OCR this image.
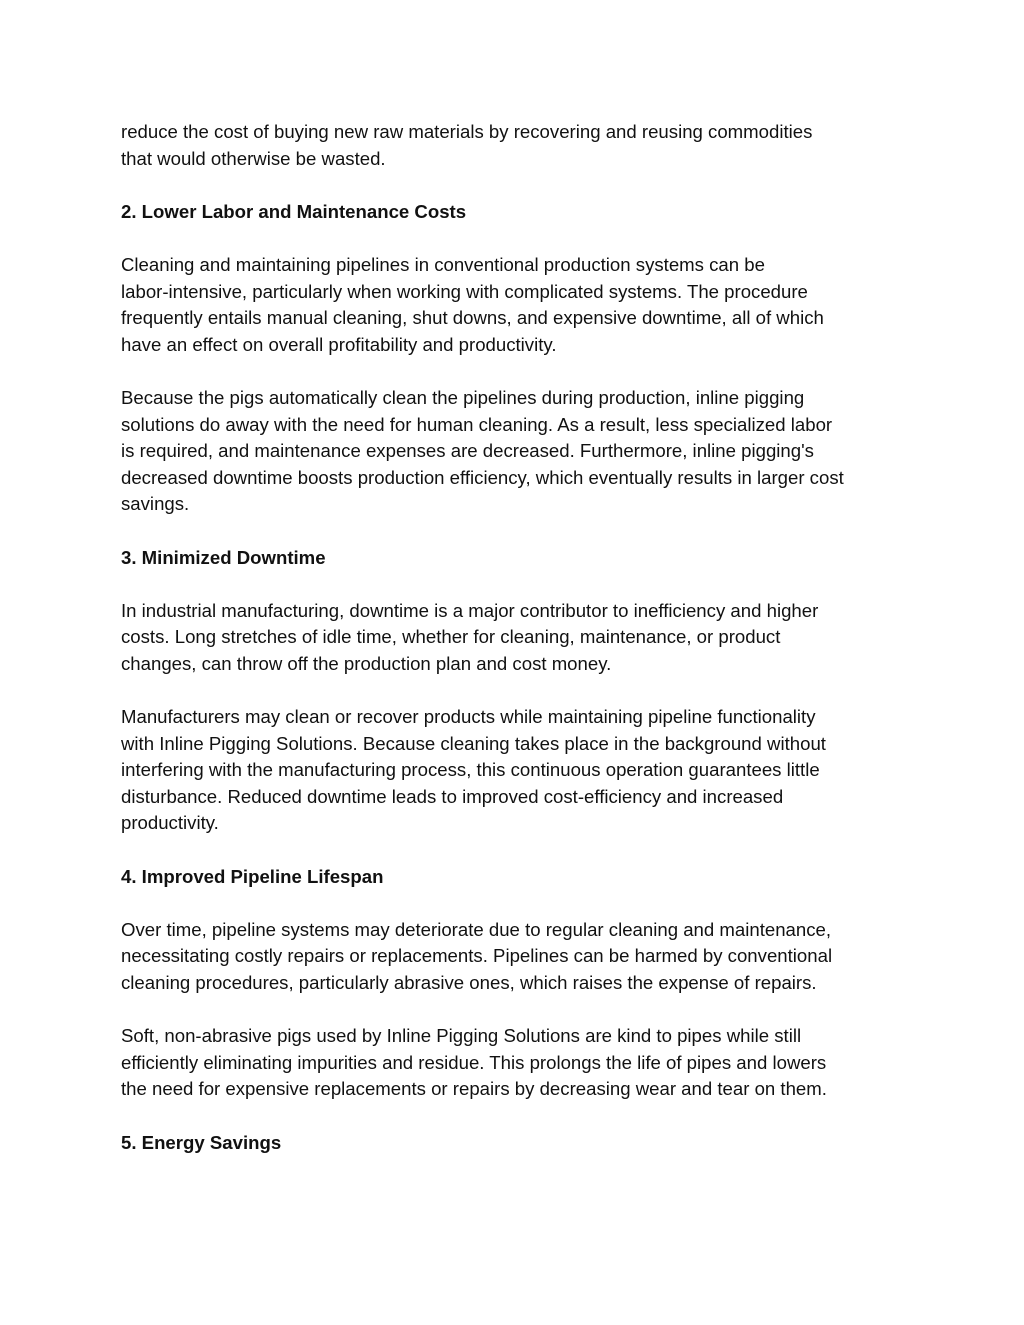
reduce the cost of buying new raw materials by recovering and reusing commodities
that would otherwise be wasted.

2. Lower Labor and Maintenance Costs

Cleaning and maintaining pipelines in conventional production systems can be
labor-intensive, particularly when working with complicated systems. The procedure
frequently entails manual cleaning, shut downs, and expensive downtime, all of which
have an effect on overall profitability and productivity.

Because the pigs automatically clean the pipelines during production, inline pigging
solutions do away with the need for human cleaning. As a result, less specialized labor
is required, and maintenance expenses are decreased. Furthermore, inline pigging's
decreased downtime boosts production efficiency, which eventually results in larger cost
savings.

3. Minimized Downtime

In industrial manufacturing, downtime is a major contributor to inefficiency and higher
costs. Long stretches of idle time, whether for cleaning, maintenance, or product
changes, can throw off the production plan and cost money.

Manufacturers may clean or recover products while maintaining pipeline functionality
with Inline Pigging Solutions. Because cleaning takes place in the background without
interfering with the manufacturing process, this continuous operation guarantees little
disturbance. Reduced downtime leads to improved cost-efficiency and increased
productivity.

4. Improved Pipeline Lifespan

Over time, pipeline systems may deteriorate due to regular cleaning and maintenance,
necessitating costly repairs or replacements. Pipelines can be harmed by conventional
cleaning procedures, particularly abrasive ones, which raises the expense of repairs.

Soft, non-abrasive pigs used by Inline Pigging Solutions are kind to pipes while still
efficiently eliminating impurities and residue. This prolongs the life of pipes and lowers
the need for expensive replacements or repairs by decreasing wear and tear on them.

5. Energy Savings
